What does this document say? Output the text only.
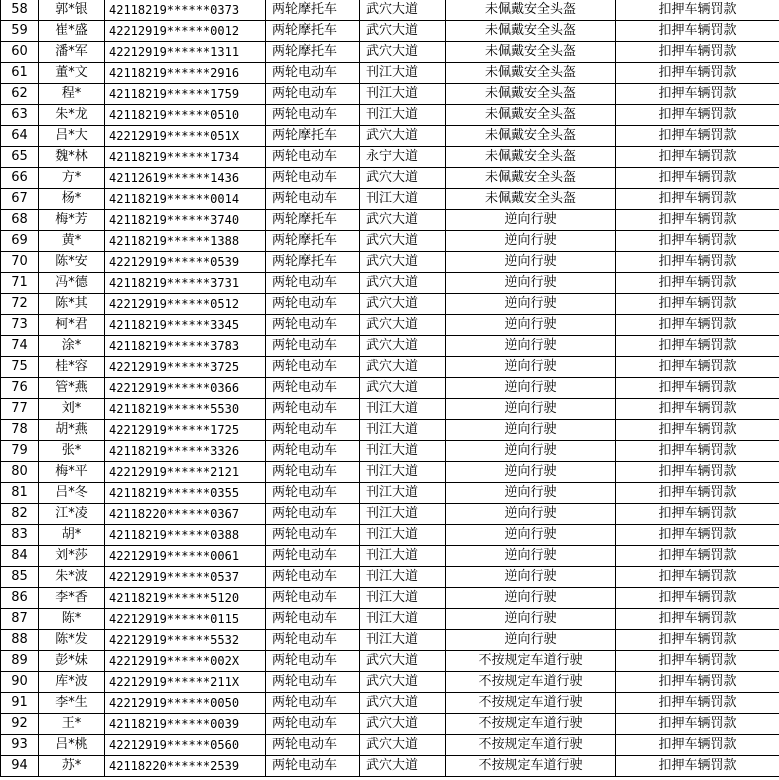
58	郭*银	42118219******0373	两轮摩托车	武穴大道	未佩戴安全头盔	扣押车辆罚款
59	崔*盛	42212919******0012	两轮摩托车	武穴大道	未佩戴安全头盔	扣押车辆罚款
60	潘*军	42212919******1311	两轮摩托车	武穴大道	未佩戴安全头盔	扣押车辆罚款
61	董*文	42118219******2916	两轮电动车	刊江大道	未佩戴安全头盔	扣押车辆罚款
62	程*	42118219******1759	两轮电动车	刊江大道	未佩戴安全头盔	扣押车辆罚款
63	朱*龙	42118219******0510	两轮电动车	刊江大道	未佩戴安全头盔	扣押车辆罚款
64	吕*大	42212919******051X	两轮摩托车	武穴大道	未佩戴安全头盔	扣押车辆罚款
65	魏*林	42118219******1734	两轮电动车	永宁大道	未佩戴安全头盔	扣押车辆罚款
66	方*	42112619******1436	两轮电动车	武穴大道	未佩戴安全头盔	扣押车辆罚款
67	杨*	42118219******0014	两轮电动车	刊江大道	未佩戴安全头盔	扣押车辆罚款
68	梅*芳	42118219******3740	两轮摩托车	武穴大道	逆向行驶	扣押车辆罚款
69	黄*	42118219******1388	两轮摩托车	武穴大道	逆向行驶	扣押车辆罚款
70	陈*安	42212919******0539	两轮摩托车	武穴大道	逆向行驶	扣押车辆罚款
71	冯*德	42118219******3731	两轮电动车	武穴大道	逆向行驶	扣押车辆罚款
72	陈*其	42212919******0512	两轮电动车	武穴大道	逆向行驶	扣押车辆罚款
73	柯*君	42118219******3345	两轮电动车	武穴大道	逆向行驶	扣押车辆罚款
74	涂*	42118219******3783	两轮电动车	武穴大道	逆向行驶	扣押车辆罚款
75	桂*容	42212919******3725	两轮电动车	武穴大道	逆向行驶	扣押车辆罚款
76	管*燕	42212919******0366	两轮电动车	武穴大道	逆向行驶	扣押车辆罚款
77	刘*	42118219******5530	两轮电动车	刊江大道	逆向行驶	扣押车辆罚款
78	胡*燕	42212919******1725	两轮电动车	刊江大道	逆向行驶	扣押车辆罚款
79	张*	42118219******3326	两轮电动车	刊江大道	逆向行驶	扣押车辆罚款
80	梅*平	42212919******2121	两轮电动车	刊江大道	逆向行驶	扣押车辆罚款
81	吕*冬	42118219******0355	两轮电动车	刊江大道	逆向行驶	扣押车辆罚款
82	江*凌	42118220******0367	两轮电动车	刊江大道	逆向行驶	扣押车辆罚款
83	胡*	42118219******0388	两轮电动车	刊江大道	逆向行驶	扣押车辆罚款
84	刘*莎	42212919******0061	两轮电动车	刊江大道	逆向行驶	扣押车辆罚款
85	朱*波	42212919******0537	两轮电动车	刊江大道	逆向行驶	扣押车辆罚款
86	李*香	42118219******5120	两轮电动车	刊江大道	逆向行驶	扣押车辆罚款
87	陈*	42212919******0115	两轮电动车	刊江大道	逆向行驶	扣押车辆罚款
88	陈*发	42212919******5532	两轮电动车	刊江大道	逆向行驶	扣押车辆罚款
89	彭*妹	42212919******002X	两轮电动车	武穴大道	不按规定车道行驶	扣押车辆罚款
90	库*波	42212919******211X	两轮电动车	武穴大道	不按规定车道行驶	扣押车辆罚款
91	李*生	42212919******0050	两轮电动车	武穴大道	不按规定车道行驶	扣押车辆罚款
92	王*	42118219******0039	两轮电动车	武穴大道	不按规定车道行驶	扣押车辆罚款
93	吕*桃	42212919******0560	两轮电动车	武穴大道	不按规定车道行驶	扣押车辆罚款
94	苏*	42118220******2539	两轮电动车	武穴大道	不按规定车道行驶	扣押车辆罚款
